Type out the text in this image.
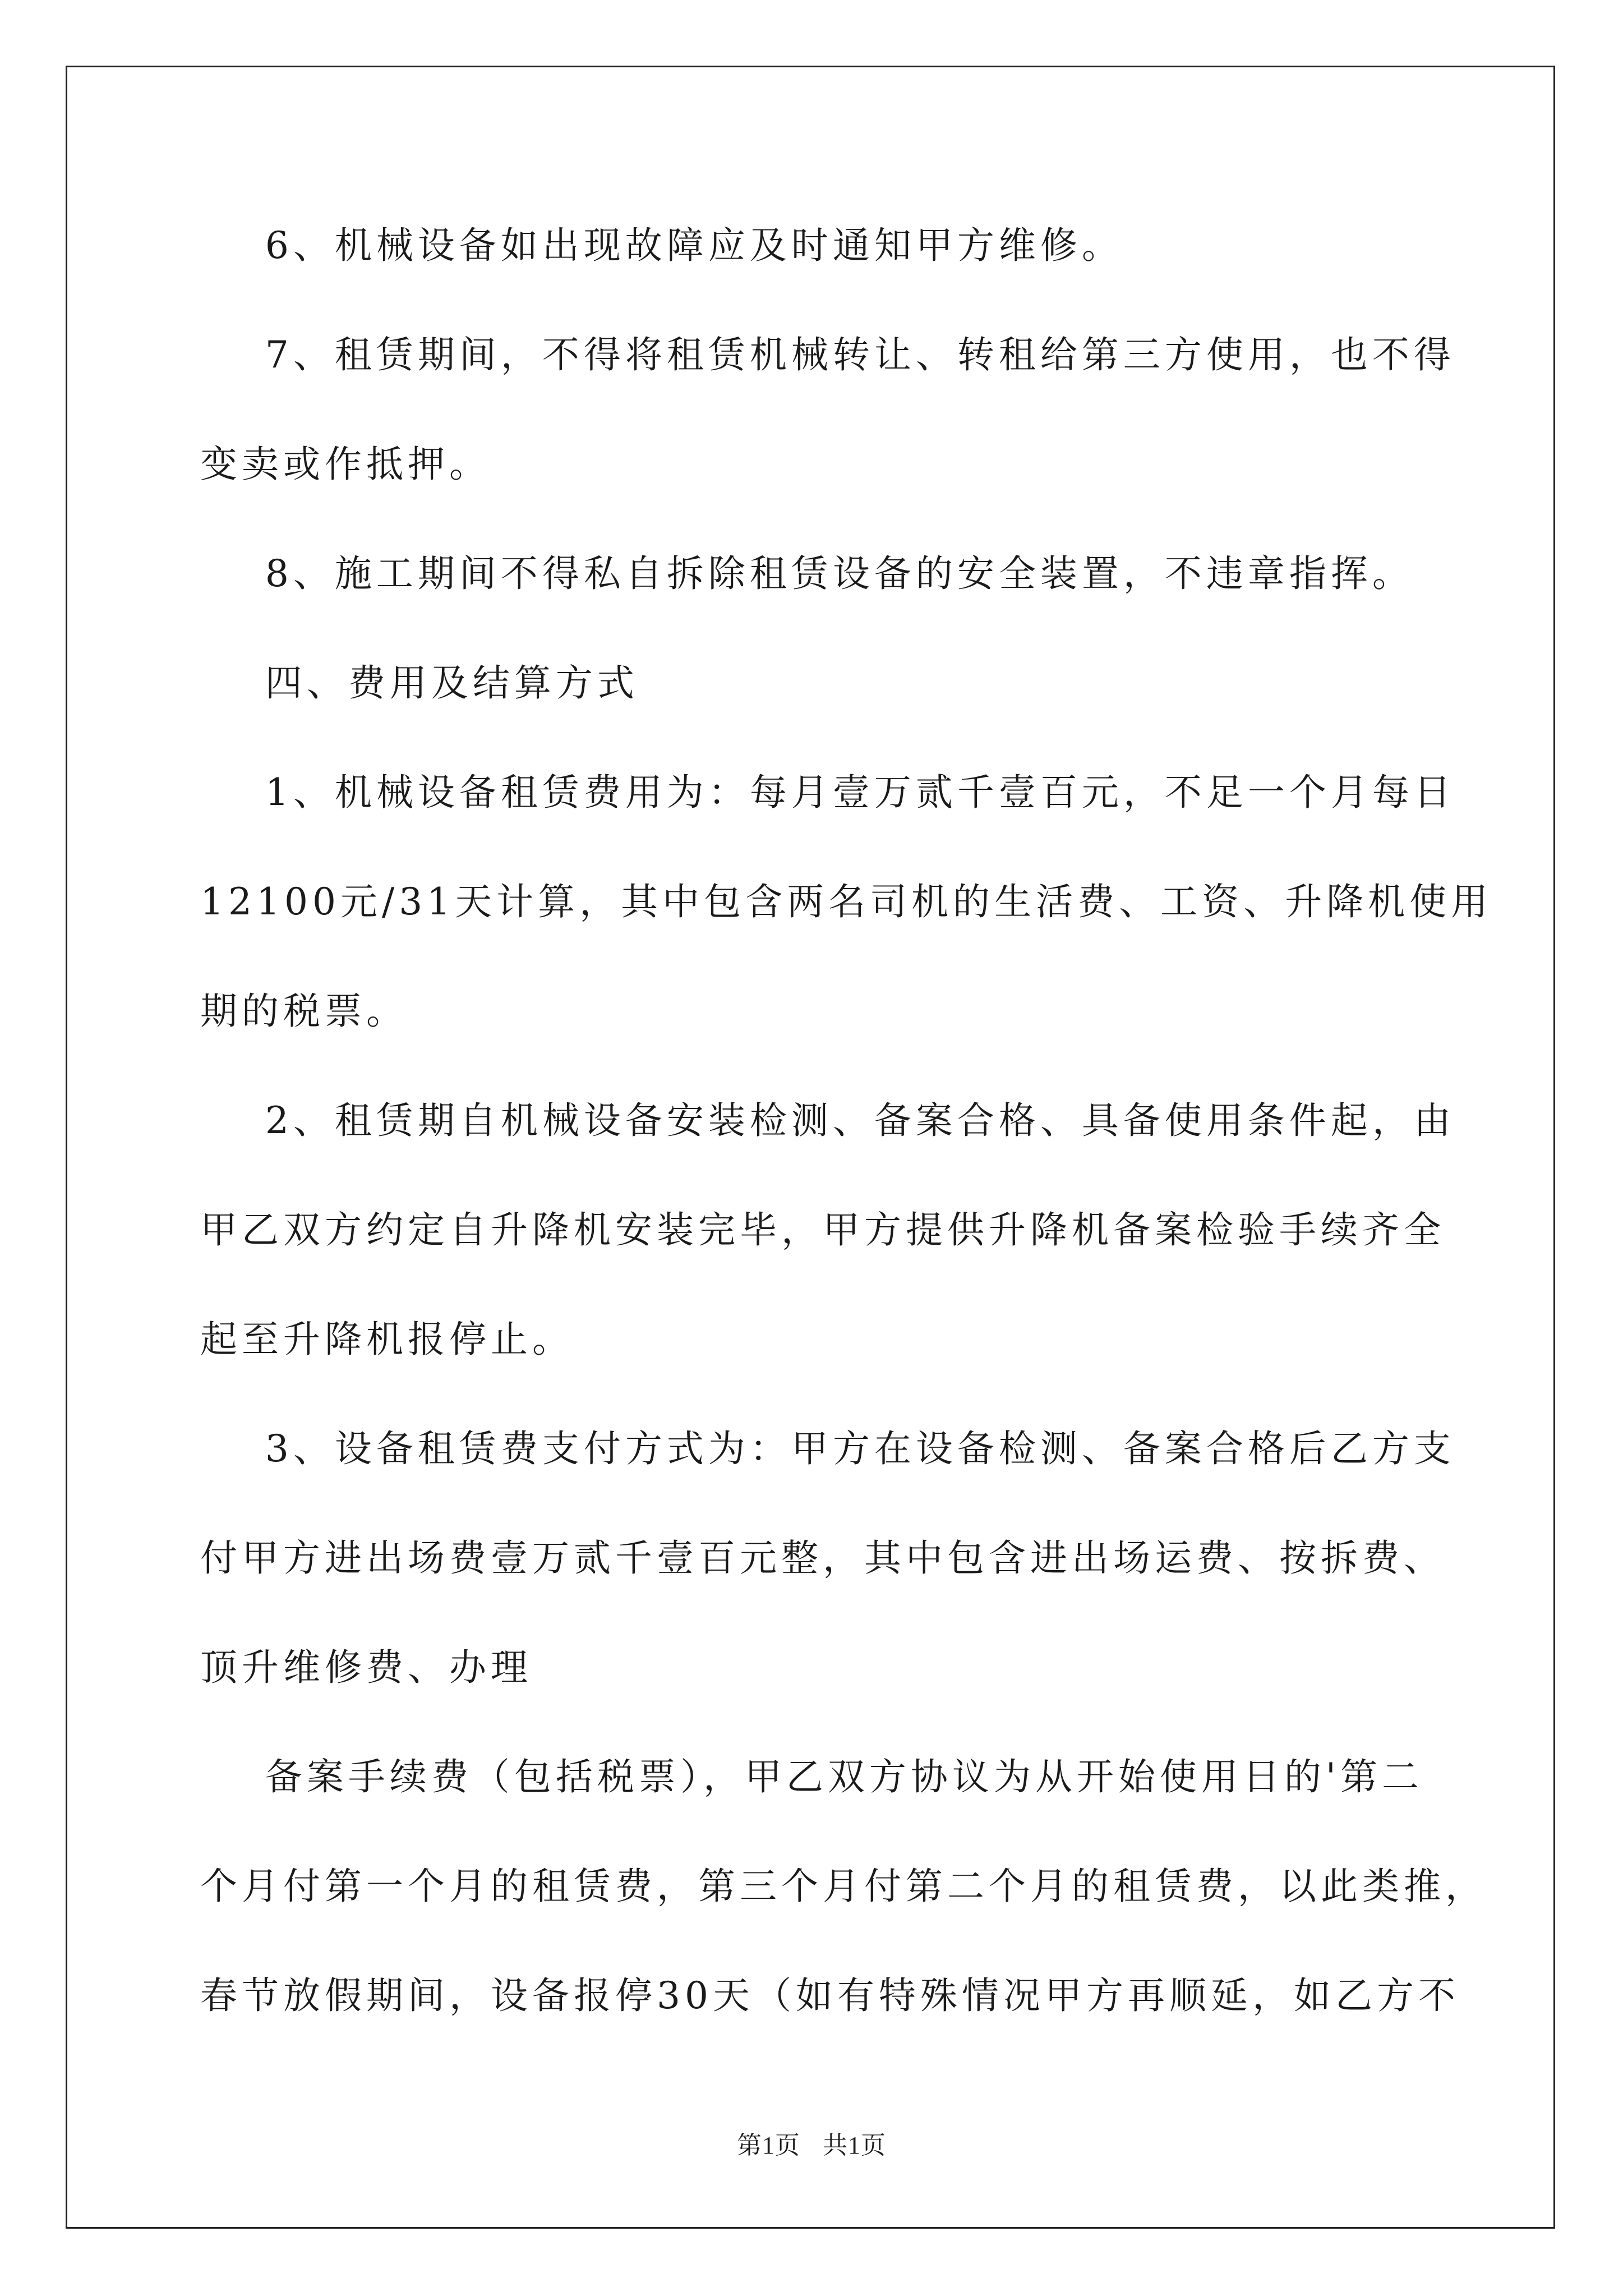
6、机械设备如出现故障应及时通知甲方维修。
7、租赁期间，不得将租赁机械转让、转租给第三方使用，也不得
变卖或作抵押。
8、施工期间不得私自拆除租赁设备的安全装置，不违章指挥。
四、费用及结算方式
1、机械设备租赁费用为：每月壹万贰千壹百元，不足一个月每日
12100元/31天计算，其中包含两名司机的生活费、工资、升降机使用
期的税票。
2、租赁期自机械设备安装检测、备案合格、具备使用条件起，由
甲乙双方约定自升降机安装完毕，甲方提供升降机备案检验手续齐全
起至升降机报停止。
3、设备租赁费支付方式为：甲方在设备检测、备案合格后乙方支
付甲方进出场费壹万贰千壹百元整，其中包含进出场运费、按拆费、
顶升维修费、办理
备案手续费（包括税票），甲乙双方协议为从开始使用日的'第二
个月付第一个月的租赁费，第三个月付第二个月的租赁费，以此类推，
春节放假期间，设备报停30天（如有特殊情况甲方再顺延，如乙方不
第1页 共1页
